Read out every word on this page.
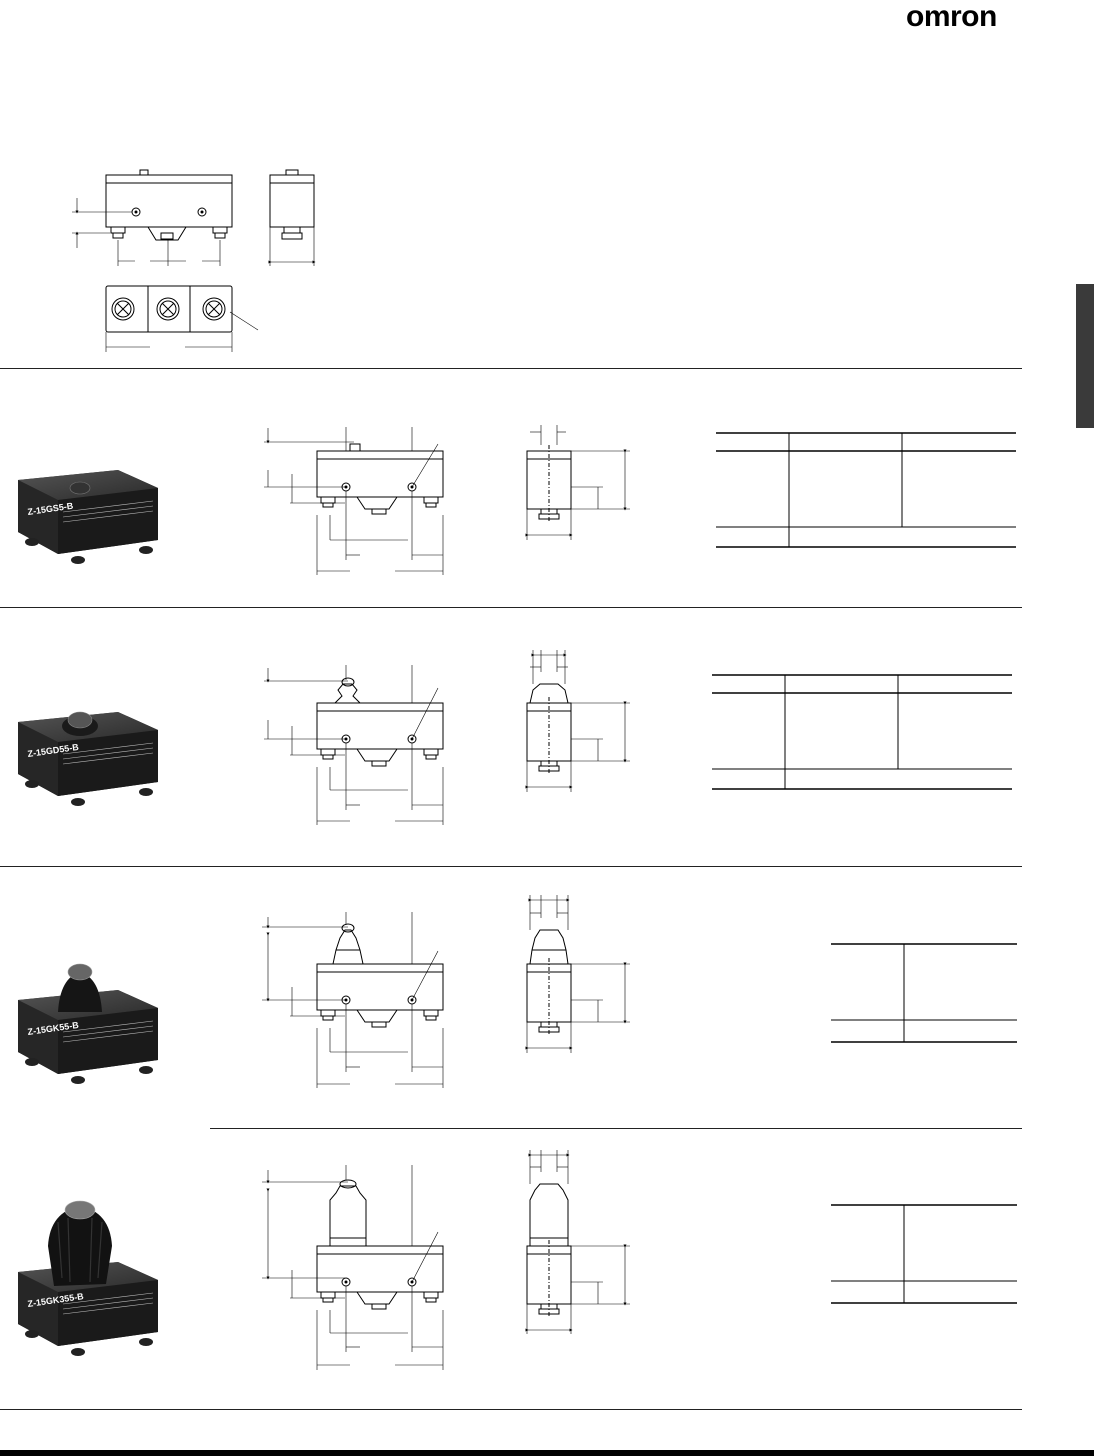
omron
Z-15GS5-B
Z-15GD55-B
Z-15GK55-B
Z-15GK355-B
